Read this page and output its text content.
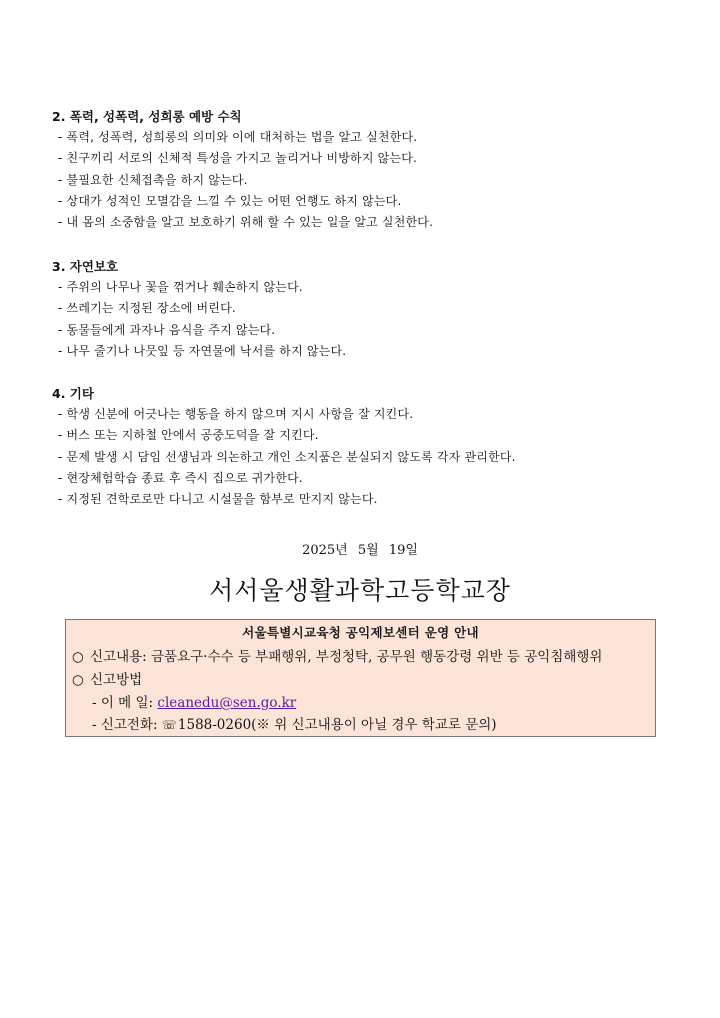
2. 폭력, 성폭력, 성희롱 예방 수칙
- 폭력, 성폭력, 성희롱의 의미와 이에 대처하는 법을 알고 실천한다.
- 친구끼리 서로의 신체적 특성을 가지고 놀리거나 비방하지 않는다.
- 불필요한 신체접촉을 하지 않는다.
- 상대가 성적인 모멸감을 느낄 수 있는 어떤 언행도 하지 않는다.
- 내 몸의 소중함을 알고 보호하기 위해 할 수 있는 일을 알고 실천한다.
3. 자연보호
- 주위의 나무나 꽃을 꺾거나 훼손하지 않는다.
- 쓰레기는 지정된 장소에 버린다.
- 동물들에게 과자나 음식을 주지 않는다.
- 나무 줄기나 나뭇잎 등 자연물에 낙서를 하지 않는다.
4. 기타
- 학생 신분에 어긋나는 행동을 하지 않으며 지시 사항을 잘 지킨다.
- 버스 또는 지하철 안에서 공중도덕을 잘 지킨다.
- 문제 발생 시 담임 선생님과 의논하고 개인 소지품은 분실되지 않도록 각자 관리한다.
- 현장체험학습 종료 후 즉시 집으로 귀가한다.
- 지정된 견학로로만 다니고 시설물을 함부로 만지지 않는다.
2025년 5월 19일
서서울생활과학고등학교장
서울특별시교육청 공익제보센터 운영 안내
○ 신고내용: 금품요구·수수 등 부패행위, 부정청탁, 공무원 행동강령 위반 등 공익침해행위
○ 신고방법
- 이 메 일: cleanedu@sen.go.kr
- 신고전화: ☏1588-0260(※ 위 신고내용이 아닐 경우 학교로 문의)
